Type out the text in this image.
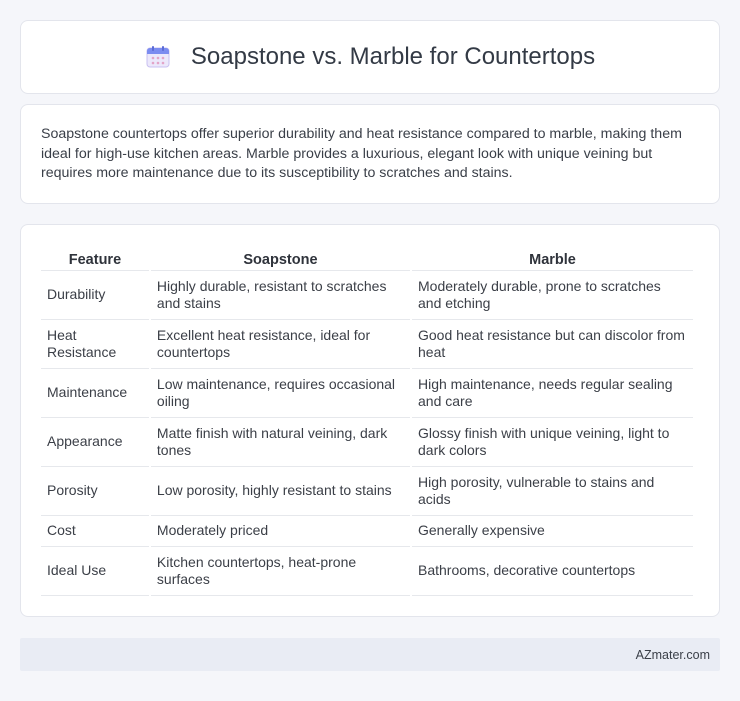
Soapstone vs. Marble for Countertops

Soapstone countertops offer superior durability and heat resistance compared to marble, making them ideal for high-use kitchen areas. Marble provides a luxurious, elegant look with unique veining but requires more maintenance due to its susceptibility to scratches and stains.

Feature	Soapstone	Marble
Durability	Highly durable, resistant to scratches and stains	Moderately durable, prone to scratches and etching
Heat Resistance	Excellent heat resistance, ideal for countertops	Good heat resistance but can discolor from heat
Maintenance	Low maintenance, requires occasional oiling	High maintenance, needs regular sealing and care
Appearance	Matte finish with natural veining, dark tones	Glossy finish with unique veining, light to dark colors
Porosity	Low porosity, highly resistant to stains	High porosity, vulnerable to stains and acids
Cost	Moderately priced	Generally expensive
Ideal Use	Kitchen countertops, heat-prone surfaces	Bathrooms, decorative countertops
AZmater.com
